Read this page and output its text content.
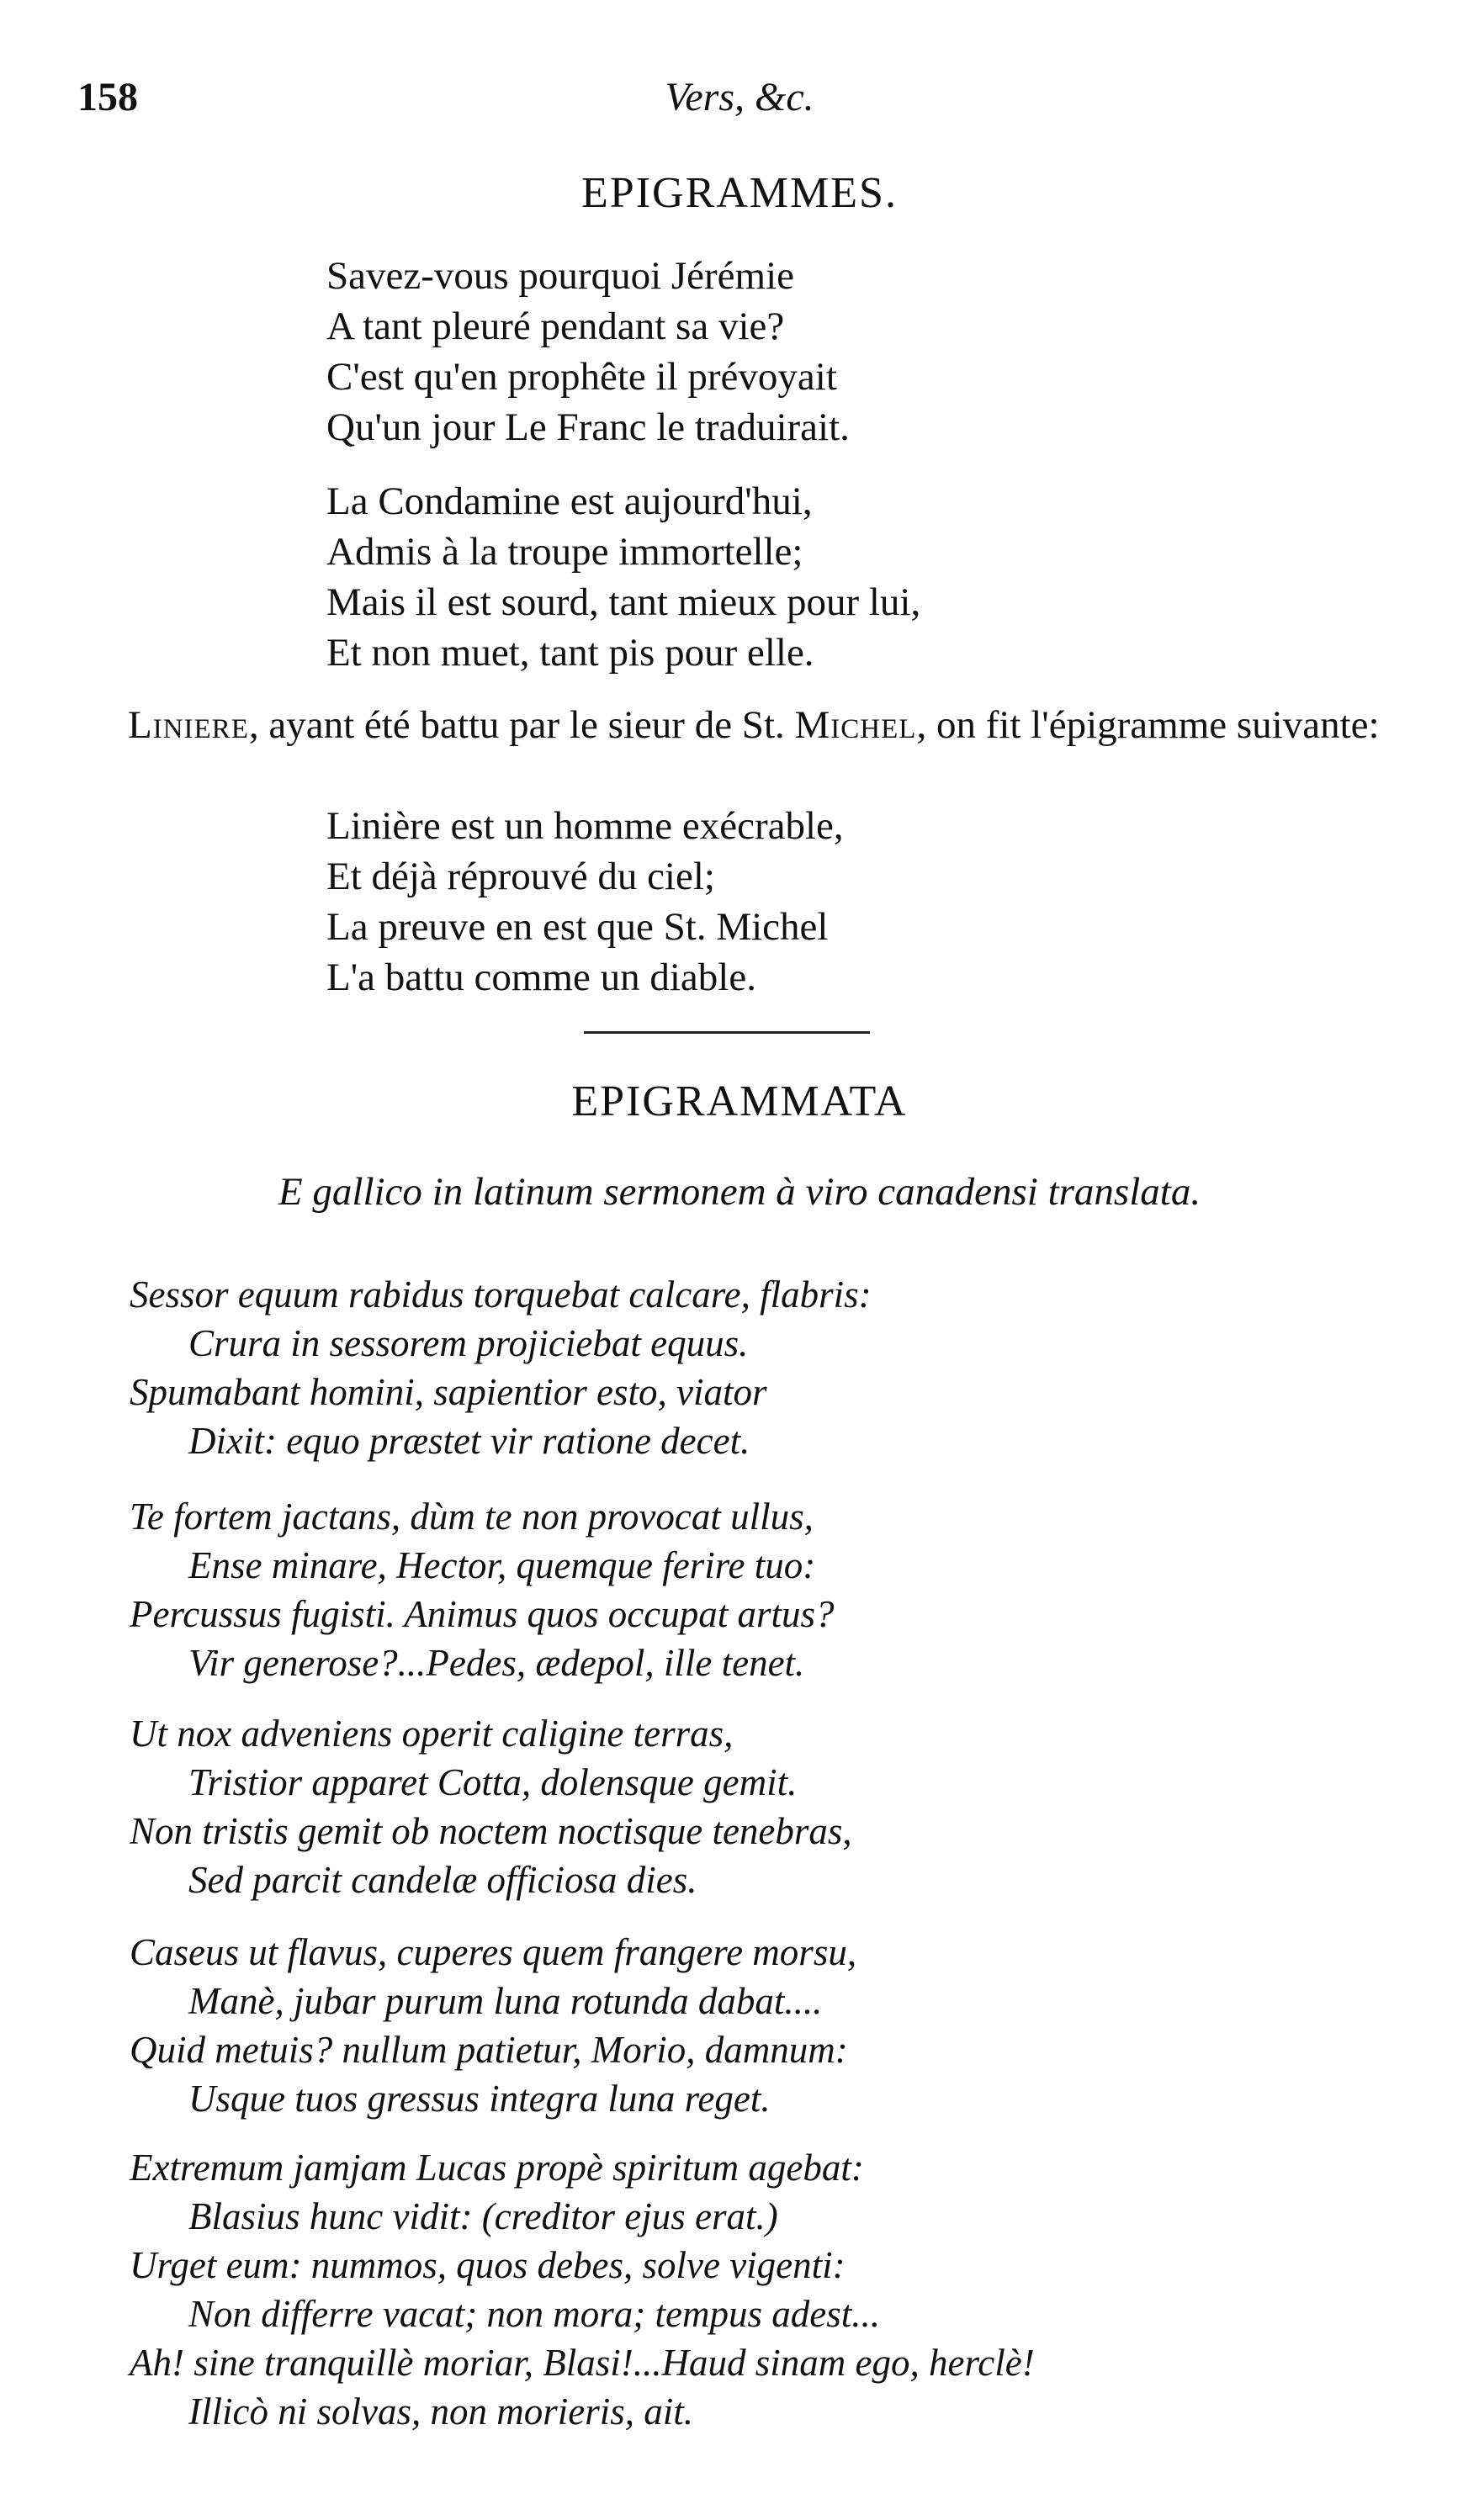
158	Vers, &c.
EPIGRAMMES.
Savez-vous pourquoi Jérémie
A tant pleuré pendant sa vie?
C'est qu'en prophête il prévoyait
Qu'un jour Le Franc le traduirait.
La Condamine est aujourd'hui,
Admis à la troupe immortelle;
Mais il est sourd, tant mieux pour lui,
Et non muet, tant pis pour elle.
Liniere, ayant été battu par le sieur de St. Michel, on fit l'épigramme suivante:
Linière est un homme exécrable,
Et déjà réprouvé du ciel;
La preuve en est que St. Michel
L'a battu comme un diable.
EPIGRAMMATA
E gallico in latinum sermonem à viro canadensi translata.
Sessor equum rabidus torquebat calcare, flabris:
Crura in sessorem projiciebat equus.
Spumabant homini, sapientior esto, viator
Dixit: equo præstet vir ratione decet.
Te fortem jactans, dùm te non provocat ullus,
Ense minare, Hector, quemque ferire tuo:
Percussus fugisti. Animus quos occupat artus?
Vir generose?...Pedes, ædepol, ille tenet.
Ut nox adveniens operit caligine terras,
Tristior apparet Cotta, dolensque gemit.
Non tristis gemit ob noctem noctisque tenebras,
Sed parcit candelæ officiosa dies.
Caseus ut flavus, cuperes quem frangere morsu,
Manè, jubar purum luna rotunda dabat....
Quid metuis? nullum patietur, Morio, damnum:
Usque tuos gressus integra luna reget.
Extremum jamjam Lucas propè spiritum agebat:
Blasius hunc vidit: (creditor ejus erat.)
Urget eum: nummos, quos debes, solve vigenti:
Non differre vacat; non mora; tempus adest...
Ah! sine tranquillè moriar, Blasi!...Haud sinam ego, herclè!
Illicò ni solvas, non morieris, ait.
